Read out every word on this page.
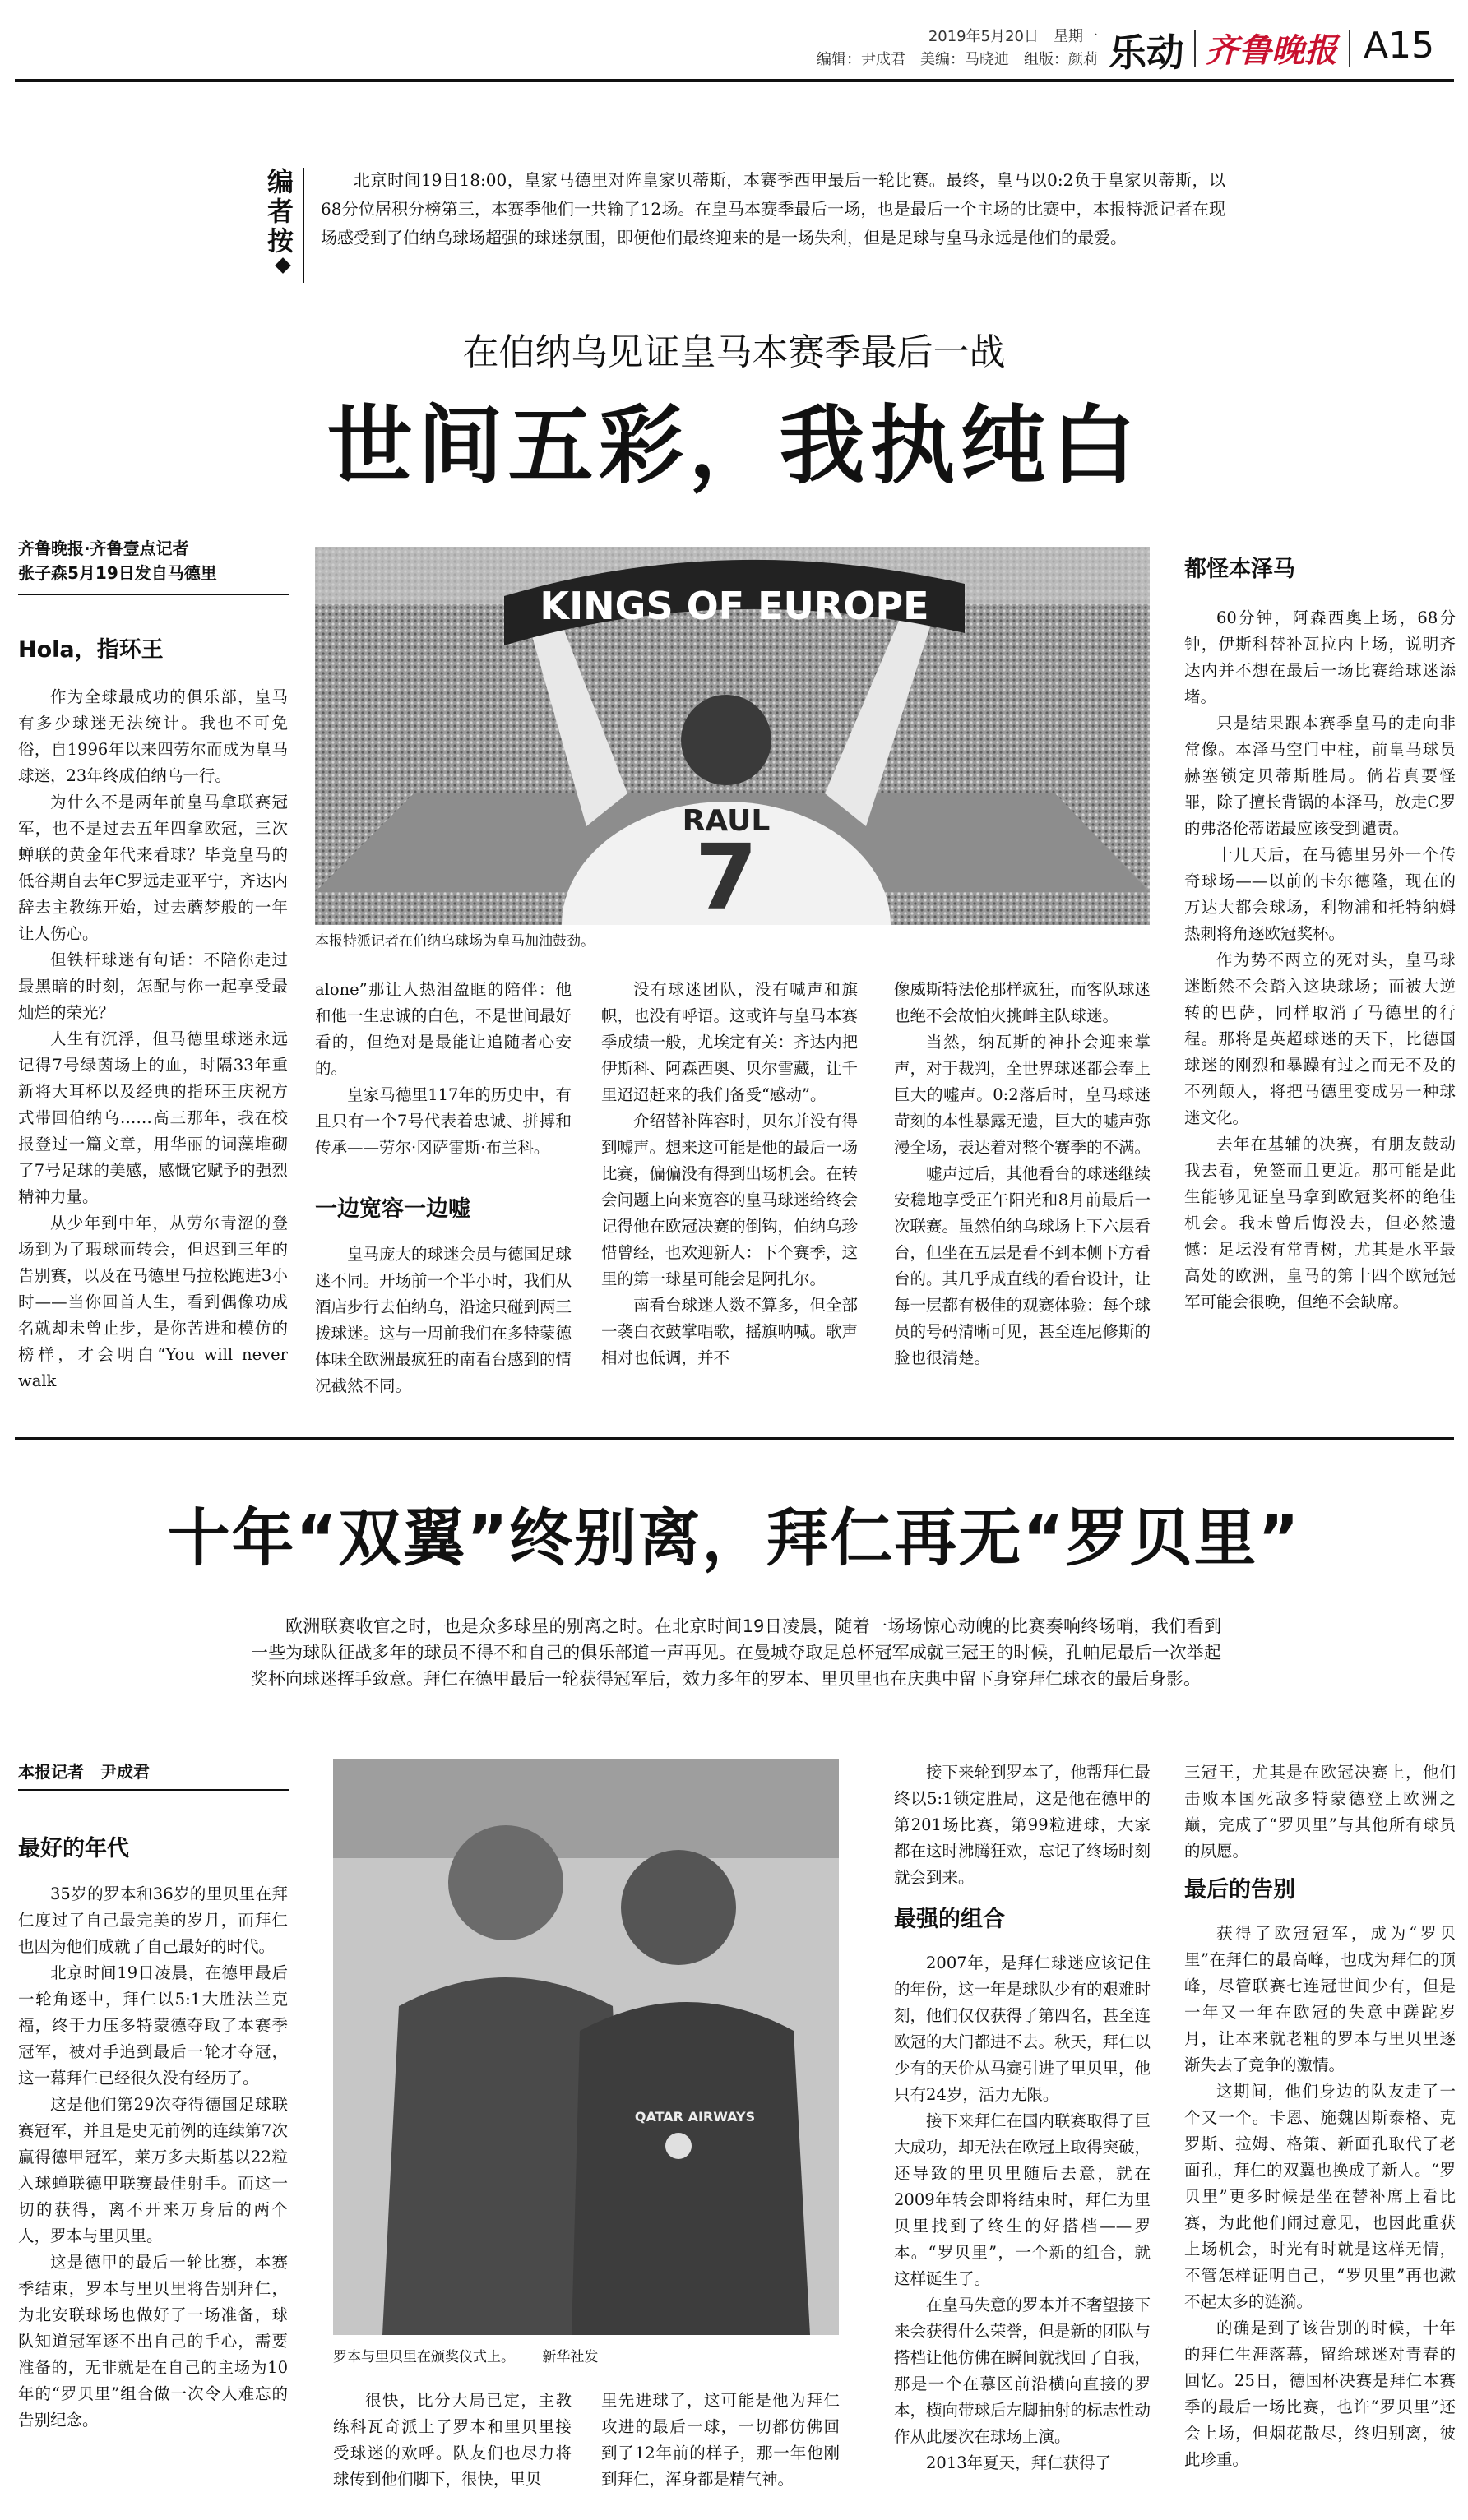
2019年5月20日　星期一
编辑：尹成君　美编：马晓迪　组版：颜莉 乐动 齐鲁晚报 A15
编者按	北京时间19日18:00，皇家马德里对阵皇家贝蒂斯，本赛季西甲最后一轮比赛。最终，皇马以0:2负于皇家贝蒂斯，以68分位居积分榜第三，本赛季他们一共输了12场。在皇马本赛季最后一场，也是最后一个主场的比赛中，本报特派记者在现场感受到了伯纳乌球场超强的球迷氛围，即便他们最终迎来的是一场失利，但是足球与皇马永远是他们的最爱。
在伯纳乌见证皇马本赛季最后一战
世间五彩，我执纯白
齐鲁晚报·齐鲁壹点记者
张子森5月19日发自马德里
KINGS OF EUROPE
RAUL
7
本报特派记者在伯纳乌球场为皇马加油鼓劲。
Hola，指环王

作为全球最成功的俱乐部，皇马有多少球迷无法统计。我也不可免俗，自1996年以来四劳尔而成为皇马球迷，23年终成伯纳乌一行。

为什么不是两年前皇马拿联赛冠军，也不是过去五年四拿欧冠，三次蝉联的黄金年代来看球？毕竟皇马的低谷期自去年C罗远走亚平宁，齐达内辞去主教练开始，过去蘑梦般的一年让人伤心。

但铁杆球迷有句话：不陪你走过最黑暗的时刻，怎配与你一起享受最灿烂的荣光？

人生有沉浮，但马德里球迷永远记得7号绿茵场上的血，时隔33年重新将大耳杯以及经典的指环王庆祝方式带回伯纳乌……高三那年，我在校报登过一篇文章，用华丽的词藻堆砌了7号足球的美感，感慨它赋予的强烈精神力量。

从少年到中年，从劳尔青涩的登场到为了瑕球而转会，但迟到三年的告别赛，以及在马德里马拉松跑进3小时——当你回首人生，看到偶像功成名就却未曾止步，是你苦进和模仿的榜样，才会明白“You will never walk

alone”那让人热泪盈眶的陪伴：他和他一生忠诚的白色，不是世间最好看的，但绝对是最能让追随者心安的。

皇家马德里117年的历史中，有且只有一个7号代表着忠诚、拼搏和传承——劳尔·冈萨雷斯·布兰科。

一边宽容一边嘘

皇马庞大的球迷会员与德国足球迷不同。开场前一个半小时，我们从酒店步行去伯纳乌，沿途只碰到两三拨球迷。这与一周前我们在多特蒙德体味全欧洲最疯狂的南看台感到的情况截然不同。

没有球迷团队，没有喊声和旗帜，也没有呼语。这或许与皇马本赛季成绩一般，尤埃定有关：齐达内把伊斯科、阿森西奥、贝尔雪藏，让千里迢迢赶来的我们备受“感动”。

介绍替补阵容时，贝尔并没有得到嘘声。想来这可能是他的最后一场比赛，偏偏没有得到出场机会。在转会问题上向来宽容的皇马球迷给终会记得他在欧冠决赛的倒钩，伯纳乌珍惜曾经，也欢迎新人：下个赛季，这里的第一球星可能会是阿扎尔。

南看台球迷人数不算多，但全部一袭白衣鼓掌唱歌，摇旗呐喊。歌声相对也低调，并不

像威斯特法伦那样疯狂，而客队球迷也绝不会故怕火挑衅主队球迷。

当然，纳瓦斯的神扑会迎来掌声，对于裁判，全世界球迷都会奉上巨大的嘘声。0:2落后时，皇马球迷苛刻的本性暴露无遗，巨大的嘘声弥漫全场，表达着对整个赛季的不满。

嘘声过后，其他看台的球迷继续安稳地享受正午阳光和8月前最后一次联赛。虽然伯纳乌球场上下六层看台，但坐在五层是看不到本侧下方看台的。其几乎成直线的看台设计，让每一层都有极佳的观赛体验：每个球员的号码清晰可见，甚至连尼修斯的脸也很清楚。

都怪本泽马

60分钟，阿森西奥上场，68分钟，伊斯科替补瓦拉内上场，说明齐达内并不想在最后一场比赛给球迷添堵。

只是结果跟本赛季皇马的走向非常像。本泽马空门中柱，前皇马球员赫塞锁定贝蒂斯胜局。倘若真要怪罪，除了擅长背锅的本泽马，放走C罗的弗洛伦蒂诺最应该受到谴责。

十几天后，在马德里另外一个传奇球场——以前的卡尔德隆，现在的万达大都会球场，利物浦和托特纳姆热刺将角逐欧冠奖杯。

作为势不两立的死对头，皇马球迷断然不会踏入这块球场；而被大逆转的巴萨，同样取消了马德里的行程。那将是英超球迷的天下，比德国球迷的刚烈和暴躁有过之而无不及的不列颠人，将把马德里变成另一种球迷文化。

去年在基辅的决赛，有朋友鼓动我去看，免签而且更近。那可能是此生能够见证皇马拿到欧冠奖杯的绝佳机会。我未曾后悔没去，但必然遗憾：足坛没有常青树，尤其是水平最高处的欧洲，皇马的第十四个欧冠冠军可能会很晚，但绝不会缺席。

十年“双翼”终别离，拜仁再无“罗贝里”
欧洲联赛收官之时，也是众多球星的别离之时。在北京时间19日凌晨，随着一场场惊心动魄的比赛奏响终场哨，我们看到一些为球队征战多年的球员不得不和自己的俱乐部道一声再见。在曼城夺取足总杯冠军成就三冠王的时候，孔帕尼最后一次举起奖杯向球迷挥手致意。拜仁在德甲最后一轮获得冠军后，效力多年的罗本、里贝里也在庆典中留下身穿拜仁球衣的最后身影。
本报记者　尹成君
QATAR AIRWAYS
罗本与里贝里在颁奖仪式上。 新华社发
最好的年代

35岁的罗本和36岁的里贝里在拜仁度过了自己最完美的岁月，而拜仁也因为他们成就了自己最好的时代。

北京时间19日凌晨，在德甲最后一轮角逐中，拜仁以5:1大胜法兰克福，终于力压多特蒙德夺取了本赛季冠军，被对手追到最后一轮才夺冠，这一幕拜仁已经很久没有经历了。

这是他们第29次夺得德国足球联赛冠军，并且是史无前例的连续第7次赢得德甲冠军，莱万多夫斯基以22粒入球蝉联德甲联赛最佳射手。而这一切的获得，离不开来万身后的两个人，罗本与里贝里。

这是德甲的最后一轮比赛，本赛季结束，罗本与里贝里将告别拜仁，为北安联球场也做好了一场准备，球队知道冠军逐不出自己的手心，需要准备的，无非就是在自己的主场为10年的“罗贝里”组合做一次令人难忘的告别纪念。

很快，比分大局已定，主教练科瓦奇派上了罗本和里贝里接受球迷的欢呼。队友们也尽力将球传到他们脚下，很快，里贝

里先进球了，这可能是他为拜仁攻进的最后一球，一切都仿佛回到了12年前的样子，那一年他刚到拜仁，浑身都是精气神。

接下来轮到罗本了，他帮拜仁最终以5:1锁定胜局，这是他在德甲的第201场比赛，第99粒进球，大家都在这时沸腾狂欢，忘记了终场时刻就会到来。

最强的组合

2007年，是拜仁球迷应该记住的年份，这一年是球队少有的艰难时刻，他们仅仅获得了第四名，甚至连欧冠的大门都进不去。秋天，拜仁以少有的天价从马赛引进了里贝里，他只有24岁，活力无限。

接下来拜仁在国内联赛取得了巨大成功，却无法在欧冠上取得突破，还导致的里贝里随后去意，就在2009年转会即将结束时，拜仁为里贝里找到了终生的好搭档——罗本。“罗贝里”，一个新的组合，就这样诞生了。

在皇马失意的罗本并不奢望接下来会获得什么荣誉，但是新的团队与搭档让他仿佛在瞬间就找回了自我，那是一个在慕区前沿横向直接的罗本，横向带球后左脚抽射的标志性动作从此屡次在球场上演。

2013年夏天，拜仁获得了

三冠王，尤其是在欧冠决赛上，他们击败本国死敌多特蒙德登上欧洲之巅，完成了“罗贝里”与其他所有球员的夙愿。

最后的告别

获得了欧冠冠军，成为“罗贝里”在拜仁的最高峰，也成为拜仁的顶峰，尽管联赛七连冠世间少有，但是一年又一年在欧冠的失意中蹉跎岁月，让本来就老粗的罗本与里贝里逐渐失去了竞争的激情。

这期间，他们身边的队友走了一个又一个。卡恩、施魏因斯泰格、克罗斯、拉姆、格策、新面孔取代了老面孔，拜仁的双翼也换成了新人。“罗贝里”更多时候是坐在替补席上看比赛，为此他们闹过意见，也因此重获上场机会，时光有时就是这样无情，不管怎样证明自己，“罗贝里”再也漱不起太多的涟漪。

的确是到了该告别的时候，十年的拜仁生涯落幕，留给球迷对青春的回忆。25日，德国杯决赛是拜仁本赛季的最后一场比赛，也许“罗贝里”还会上场，但烟花散尽，终归别离，彼此珍重。
